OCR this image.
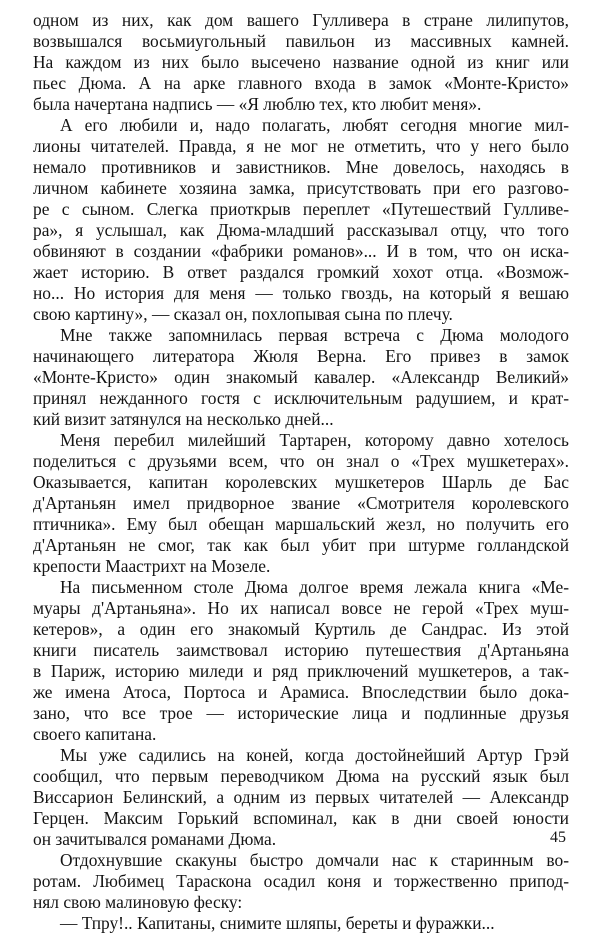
одном из них, как дом вашего Гулливера в стране лилипутов,
возвышался восьмиугольный павильон из массивных камней.
На каждом из них было высечено название одной из книг или
пьес Дюма. А на арке главного входа в замок «Монте-Кристо»
была начертана надпись — «Я люблю тех, кто любит меня».
А его любили и, надо полагать, любят сегодня многие мил-
лионы читателей. Правда, я не мог не отметить, что у него было
немало противников и завистников. Мне довелось, находясь в
личном кабинете хозяина замка, присутствовать при его разгово-
ре с сыном. Слегка приоткрыв переплет «Путешествий Гулливе-
ра», я услышал, как Дюма-младший рассказывал отцу, что того
обвиняют в создании «фабрики романов»... И в том, что он иска-
жает историю. В ответ раздался громкий хохот отца. «Возмож-
но... Но история для меня — только гвоздь, на который я вешаю
свою картину», — сказал он, похлопывая сына по плечу.
Мне также запомнилась первая встреча с Дюма молодого
начинающего литератора Жюля Верна. Его привез в замок
«Монте-Кристо» один знакомый кавалер. «Александр Великий»
принял нежданного гостя с исключительным радушием, и крат-
кий визит затянулся на несколько дней...
Меня перебил милейший Тартарен, которому давно хотелось
поделиться с друзьями всем, что он знал о «Трех мушкетерах».
Оказывается, капитан королевских мушкетеров Шарль де Бас
д'Артаньян имел придворное звание «Смотрителя королевского
птичника». Ему был обещан маршальский жезл, но получить его
д'Артаньян не смог, так как был убит при штурме голландской
крепости Маастрихт на Мозеле.
На письменном столе Дюма долгое время лежала книга «Ме-
муары д'Артаньяна». Но их написал вовсе не герой «Трех муш-
кетеров», а один его знакомый Куртиль де Сандрас. Из этой
книги писатель заимствовал историю путешествия д'Артаньяна
в Париж, историю миледи и ряд приключений мушкетеров, а так-
же имена Атоса, Портоса и Арамиса. Впоследствии было дока-
зано, что все трое — исторические лица и подлинные друзья
своего капитана.
Мы уже садились на коней, когда достойнейший Артур Грэй
сообщил, что первым переводчиком Дюма на русский язык был
Виссарион Белинский, а одним из первых читателей — Александр
Герцен. Максим Горький вспоминал, как в дни своей юности
он зачитывался романами Дюма.
Отдохнувшие скакуны быстро домчали нас к старинным во-
ротам. Любимец Тараскона осадил коня и торжественно припод-
нял свою малиновую феску:
— Тпру!.. Капитаны, снимите шляпы, береты и фуражки...
45
